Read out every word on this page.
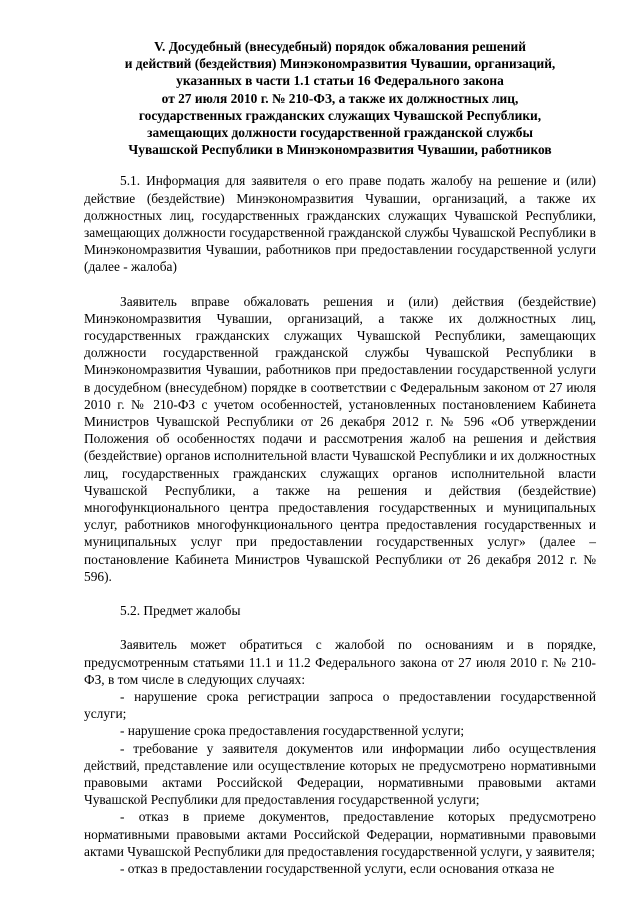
V. Досудебный (внесудебный) порядок обжалования решений
и действий (бездействия) Минэкономразвития Чувашии, организаций,
указанных в части 1.1 статьи 16 Федерального закона
от 27 июля 2010 г. № 210-ФЗ, а также их должностных лиц,
государственных гражданских служащих Чувашской Республики,
замещающих должности государственной гражданской службы
Чувашской Республики в Минэкономразвития Чувашии, работников

5.1. Информация для заявителя о его праве подать жалобу на решение и (или) действие (бездействие) Минэкономразвития Чувашии, организаций, а также их должностных лиц, государственных гражданских служащих Чувашской Республики, замещающих должности государственной гражданской службы Чувашской Республики в Минэкономразвития Чувашии, работников при предоставлении государственной услуги (далее - жалоба)

Заявитель вправе обжаловать решения и (или) действия (бездействие) Минэкономразвития Чувашии, организаций, а также их должностных лиц, государственных гражданских служащих Чувашской Республики, замещающих должности государственной гражданской службы Чувашской Республики в Минэкономразвития Чувашии, работников при предоставлении государственной услуги в досудебном (внесудебном) порядке в соответствии с Федеральным законом от 27 июля 2010 г. № 210-ФЗ с учетом особенностей, установленных постановлением Кабинета Министров Чувашской Республики от 26 декабря 2012 г. № 596 «Об утверждении Положения об особенностях подачи и рассмотрения жалоб на решения и действия (бездействие) органов исполнительной власти Чувашской Республики и их должностных лиц, государственных гражданских служащих органов исполнительной власти Чувашской Республики, а также на решения и действия (бездействие) многофункционального центра предоставления государственных и муниципальных услуг, работников многофункционального центра предоставления государственных и муниципальных услуг при предоставлении государственных услуг» (далее – постановление Кабинета Министров Чувашской Республики от 26 декабря 2012 г. № 596).

5.2. Предмет жалобы

Заявитель может обратиться с жалобой по основаниям и в порядке, предусмотренным статьями 11.1 и 11.2 Федерального закона от 27 июля 2010 г. № 210-ФЗ, в том числе в следующих случаях:

- нарушение срока регистрации запроса о предоставлении государственной услуги;

- нарушение срока предоставления государственной услуги;

- требование у заявителя документов или информации либо осуществления действий, представление или осуществление которых не предусмотрено нормативными правовыми актами Российской Федерации, нормативными правовыми актами Чувашской Республики для предоставления государственной услуги;

- отказ в приеме документов, предоставление которых предусмотрено нормативными правовыми актами Российской Федерации, нормативными правовыми актами Чувашской Республики для предоставления государственной услуги, у заявителя;

- отказ в предоставлении государственной услуги, если основания отказа не
